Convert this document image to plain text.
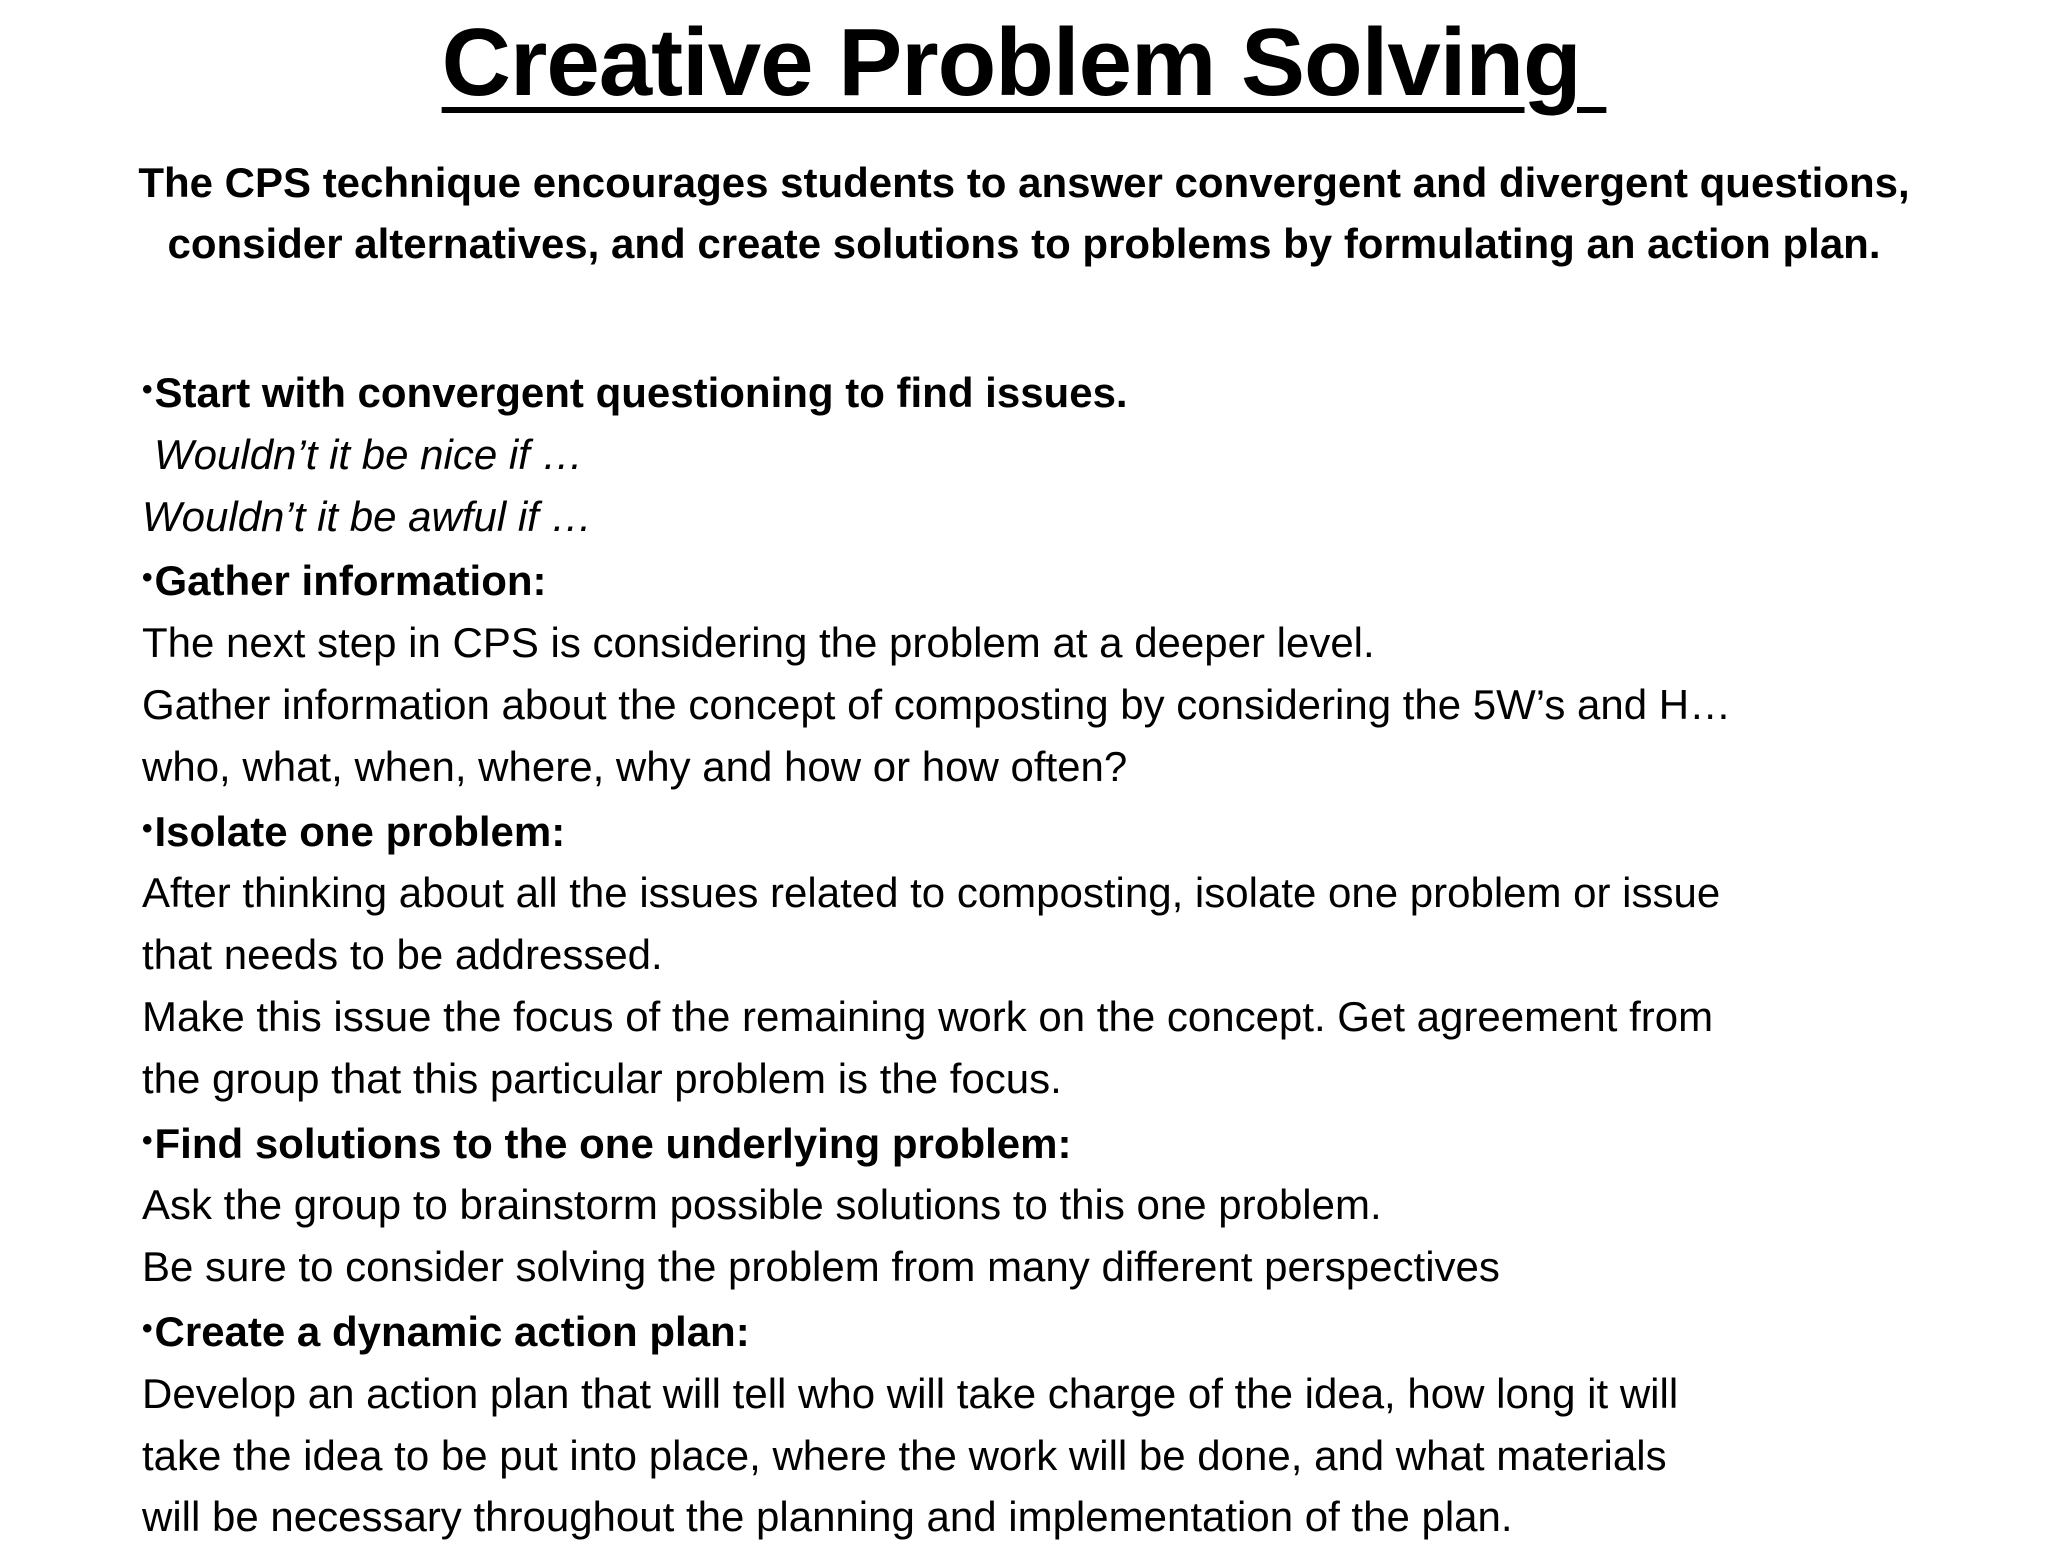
Creative Problem Solving
The CPS technique encourages students to answer convergent and divergent questions, consider alternatives, and create solutions to problems by formulating an action plan.
•Start with convergent questioning to find issues.
Wouldn’t it be nice if …
Wouldn’t it be awful if …
•Gather information:
The next step in CPS is considering the problem at a deeper level.
Gather information about the concept of composting by considering the 5W’s and H…
who, what, when, where, why and how or how often?
•Isolate one problem:
After thinking about all the issues related to composting, isolate one problem or issue
that needs to be addressed.
Make this issue the focus of the remaining work on the concept. Get agreement from
the group that this particular problem is the focus.
•Find solutions to the one underlying problem:
Ask the group to brainstorm possible solutions to this one problem.
Be sure to consider solving the problem from many different perspectives
•Create a dynamic action plan:
Develop an action plan that will tell who will take charge of the idea, how long it will
take the idea to be put into place, where the work will be done, and what materials
will be necessary throughout the planning and implementation of the plan.
